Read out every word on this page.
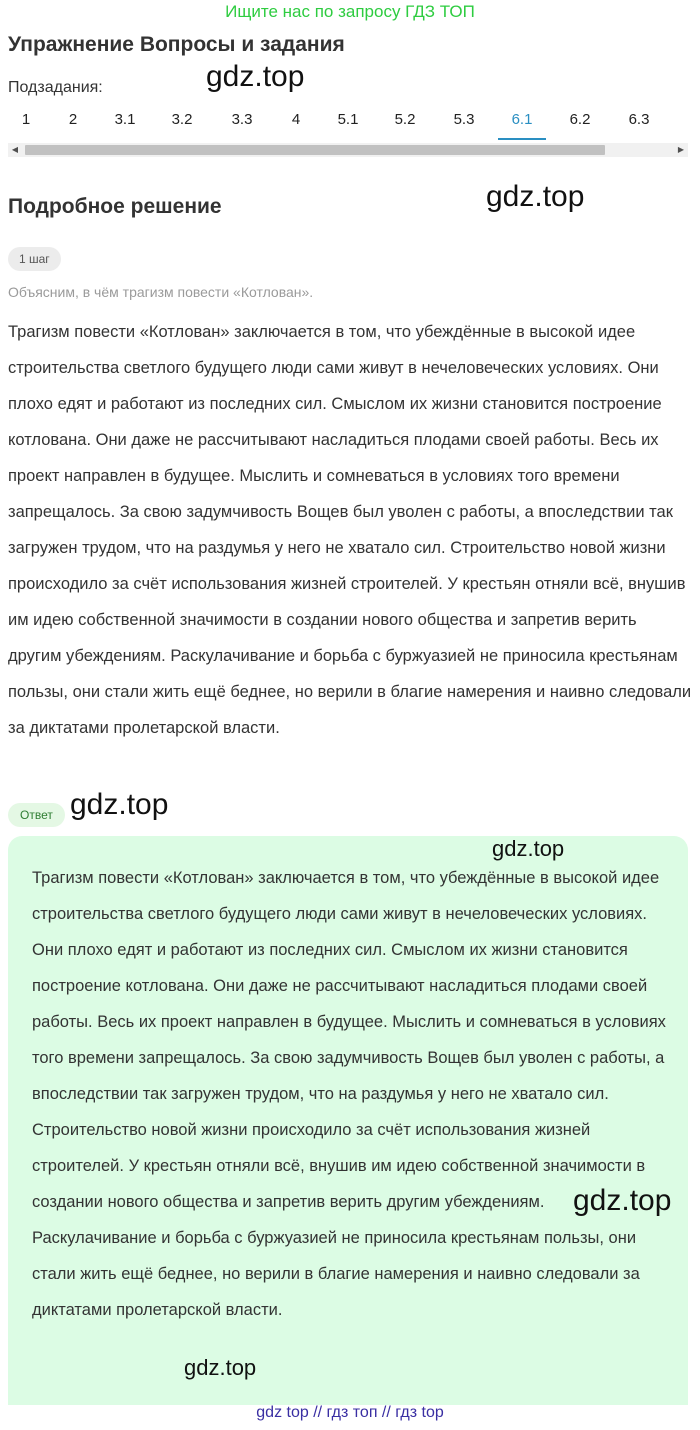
Ищите нас по запросу ГДЗ ТОП
Упражнение Вопросы и задания
Подзадания:	gdz.top
1	2	3.1	3.2	3.3	4	5.1	5.2	5.3	6.1	6.2	6.3
◀	▶
Подробное решение	gdz.top
1 шаг
Объясним, в чём трагизм повести «Котлован».

Трагизм повести «Котлован» заключается в том, что убеждённые в высокой идее строительства светлого будущего люди сами живут в нечеловеческих условиях. Они плохо едят и работают из последних сил. Смыслом их жизни становится построение котлована. Они даже не рассчитывают насладиться плодами своей работы. Весь их проект направлен в будущее. Мыслить и сомневаться в условиях того времени запрещалось. За свою задумчивость Вощев был уволен с работы, а впоследствии так загружен трудом, что на раздумья у него не хватало сил. Строительство новой жизни происходило за счёт использования жизней строителей. У крестьян отняли всё, внушив им идею собственной значимости в создании нового общества и запретив верить другим убеждениям. Раскулачивание и борьба с буржуазией не приносила крестьянам пользы, они стали жить ещё беднее, но верили в благие намерения и наивно следовали за диктатами пролетарской власти.

Ответ gdz.top

Трагизм повести «Котлован» заключается в том, что убеждённые в высокой идее строительства светлого будущего люди сами живут в нечеловеческих условиях. Они плохо едят и работают из последних сил. Смыслом их жизни становится построение котлована. Они даже не рассчитывают насладиться плодами своей работы. Весь их проект направлен в будущее. Мыслить и сомневаться в условиях того времени запрещалось. За свою задумчивость Вощев был уволен с работы, а впоследствии так загружен трудом, что на раздумья у него не хватало сил. Строительство новой жизни происходило за счёт использования жизней строителей. У крестьян отняли всё, внушив им идею собственной значимости в создании нового общества и запретив верить другим убеждениям. Раскулачивание и борьба с буржуазией не приносила крестьянам пользы, они стали жить ещё беднее, но верили в благие намерения и наивно следовали за диктатами пролетарской власти.

gdz.top
gdz.top
gdz.top
gdz top // гдз топ // гдз top
